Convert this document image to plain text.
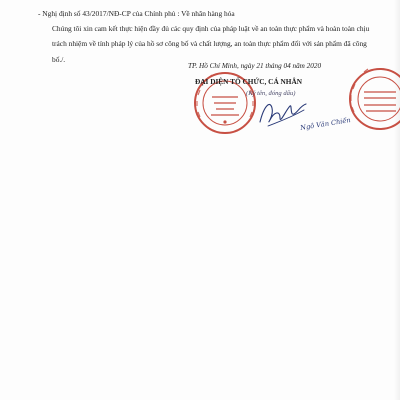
- Nghị định số 43/2017/NĐ-CP của Chính phủ : Về nhãn hàng hóa

Chúng tôi xin cam kết thực hiện đầy đủ các quy định của pháp luật về an toàn thực phẩm và hoàn toàn chịu trách nhiệm về tính pháp lý của hồ sơ công bố và chất lượng, an toàn thực phẩm đối với sản phẩm đã công bố./.

TP. Hồ Chí Minh, ngày 21 tháng 04 năm 2020
ĐẠI DIỆN TỔ CHỨC, CÁ NHÂN
(Ký tên, đóng dấu)
Ngô Văn Chiến
